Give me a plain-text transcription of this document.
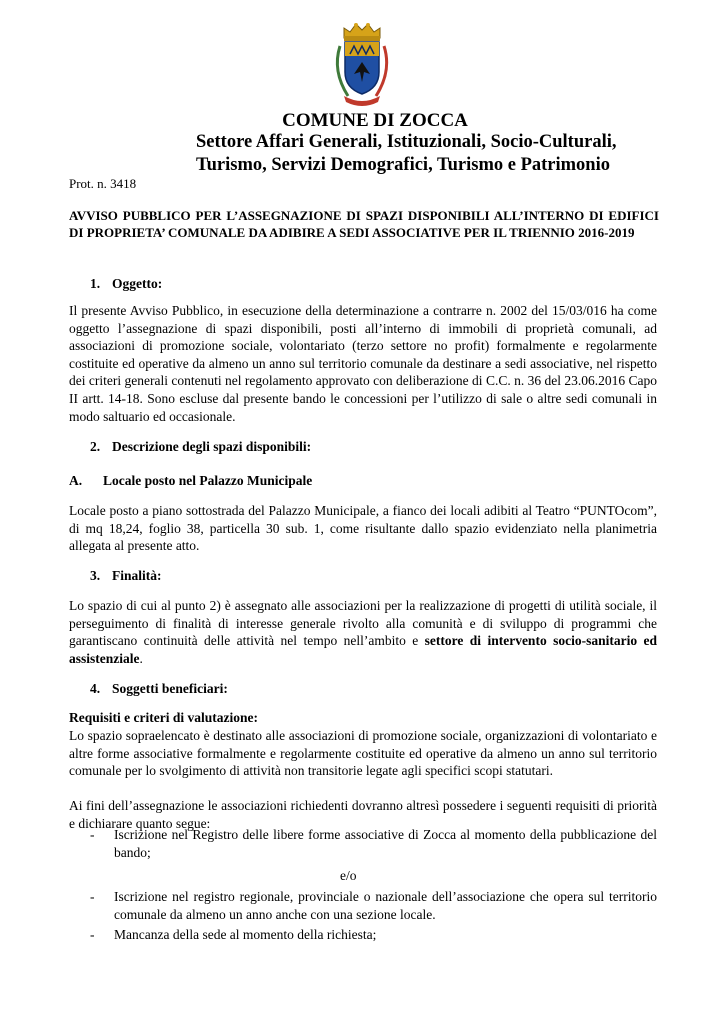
COMUNE DI ZOCCA
Settore Affari Generali, Istituzionali, Socio-Culturali,
Turismo, Servizi Demografici, Turismo e Patrimonio
Prot. n. 3418
AVVISO PUBBLICO PER L’ASSEGNAZIONE DI SPAZI DISPONIBILI ALL’INTERNO DI EDIFICI DI PROPRIETA’ COMUNALE DA ADIBIRE A SEDI ASSOCIATIVE PER IL TRIENNIO 2016-2019
1. Oggetto:
Il presente Avviso Pubblico, in esecuzione della determinazione a contrarre n. 2002 del 15/03/016 ha come oggetto l’assegnazione di spazi disponibili, posti all’interno di immobili di proprietà comunali, ad associazioni di promozione sociale, volontariato (terzo settore no profit) formalmente e regolarmente costituite ed operative da almeno un anno sul territorio comunale da destinare a sedi associative, nel rispetto dei criteri generali contenuti nel regolamento approvato con deliberazione di C.C. n. 36 del 23.06.2016 Capo II artt. 14-18. Sono escluse dal presente bando le concessioni per l’utilizzo di sale o altre sedi comunali in modo saltuario ed occasionale.
2. Descrizione degli spazi disponibili:
A. Locale posto nel Palazzo Municipale
Locale posto a piano sottostrada del Palazzo Municipale, a fianco dei locali adibiti al Teatro “PUNTOcom”, di mq 18,24, foglio 38, particella 30 sub. 1, come risultante dallo spazio evidenziato nella planimetria allegata al presente atto.
3. Finalità:
Lo spazio di cui al punto 2) è assegnato alle associazioni per la realizzazione di progetti di utilità sociale, il perseguimento di finalità di interesse generale rivolto alla comunità e di sviluppo di programmi che garantiscano continuità delle attività nel tempo nell’ambito e settore di intervento socio-sanitario ed assistenziale.
4. Soggetti beneficiari:
Requisiti e criteri di valutazione:
Lo spazio sopraelencato è destinato alle associazioni di promozione sociale, organizzazioni di volontariato e altre forme associative formalmente e regolarmente costituite ed operative da almeno un anno sul territorio comunale per lo svolgimento di attività non transitorie legate agli specifici scopi statutari.
Ai fini dell’assegnazione le associazioni richiedenti dovranno altresì possedere i seguenti requisiti di priorità e dichiarare quanto segue:
- Iscrizione nel Registro delle libere forme associative di Zocca al momento della pubblicazione del bando;
e/o
- Iscrizione nel registro regionale, provinciale o nazionale dell’associazione che opera sul territorio comunale da almeno un anno anche con una sezione locale.
- Mancanza della sede al momento della richiesta;
